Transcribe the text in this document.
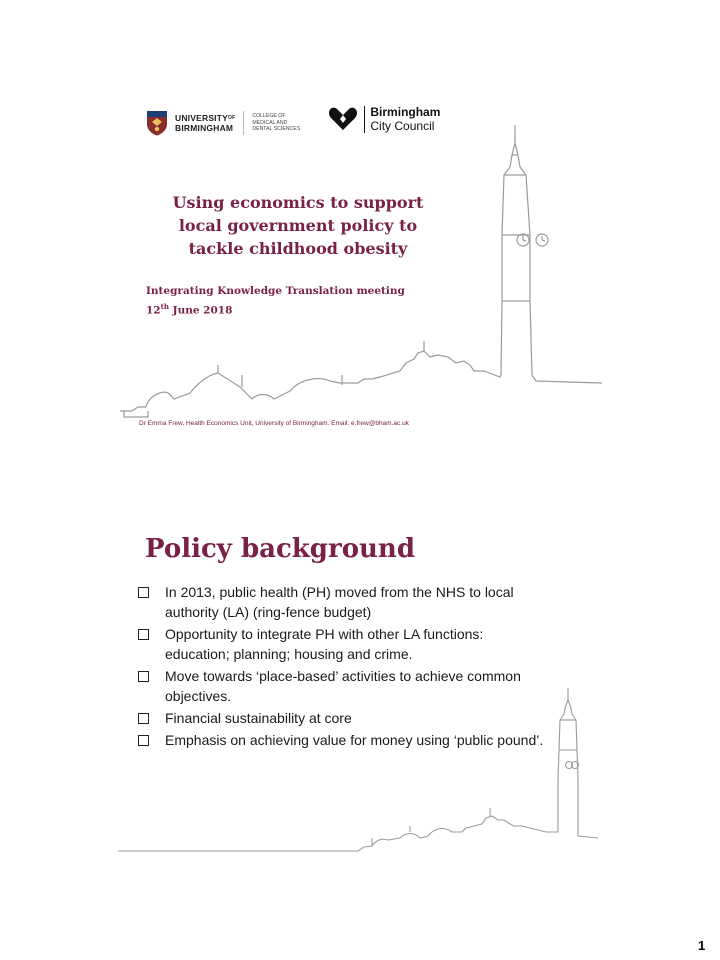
$UNIVERSITY^{OF}$
BIRMINGHAM
COLLEGE OF
MEDICAL AND
DENTAL SCIENCES
Birmingham
City Council
Using economics to support
local government policy to
tackle childhood obesity
Integrating Knowledge Translation meeting
12th June 2018
Dr Emma Frew, Health Economics Unit, University of Birmingham. Email: e.frew@bham.ac.uk
Policy background
In 2013, public health (PH) moved from the NHS to local authority (LA) (ring-fence budget)
Opportunity to integrate PH with other LA functions: education; planning; housing and crime.
Move towards ‘place-based’ activities to achieve common objectives.
Financial sustainability at core
Emphasis on achieving value for money using ‘public pound’.
1
